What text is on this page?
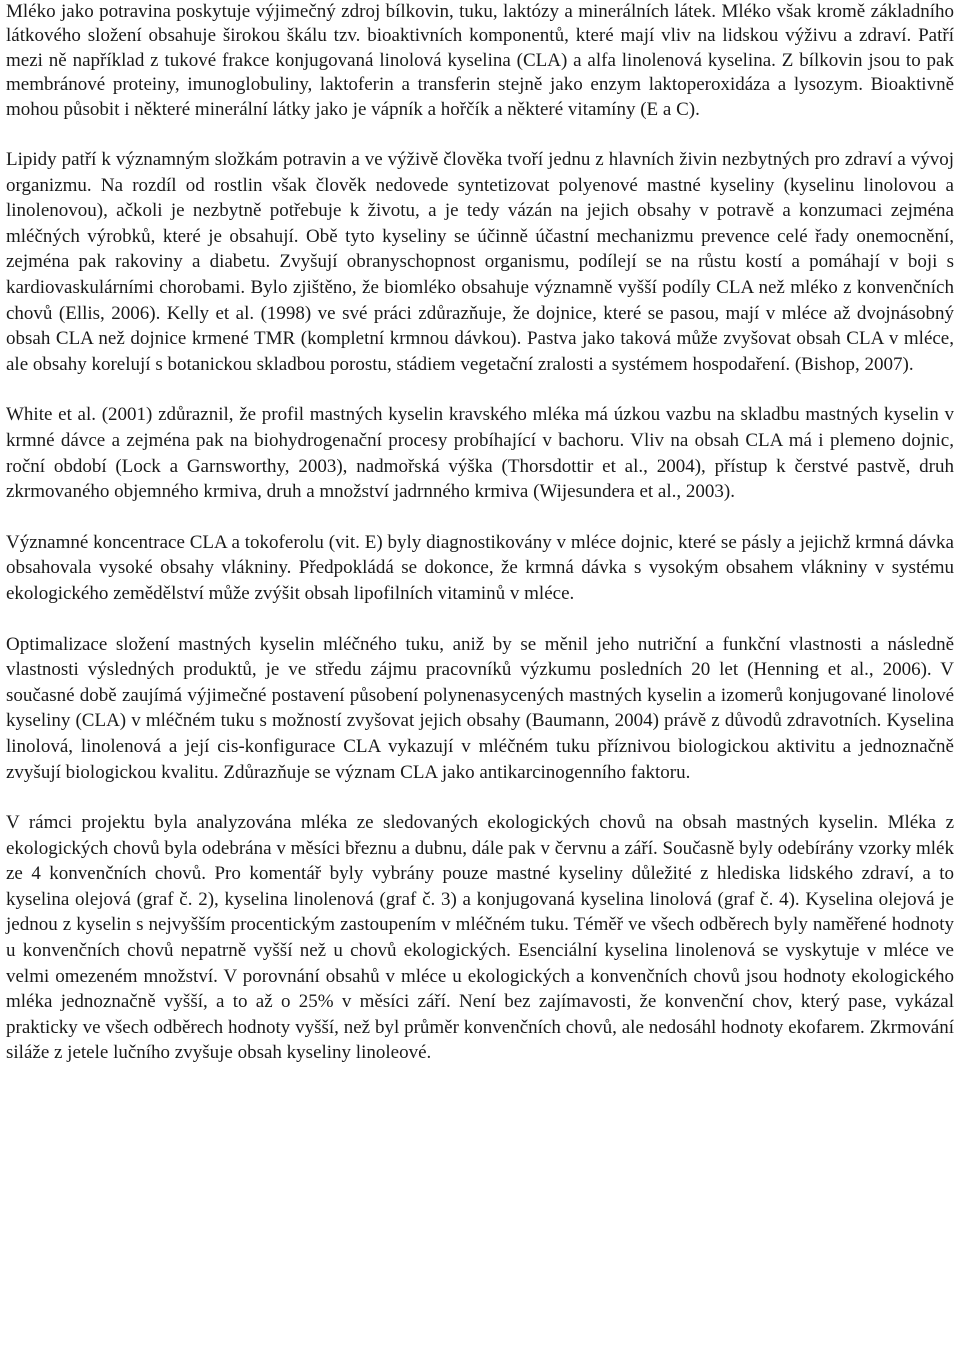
Mléko jako potravina poskytuje výjimečný zdroj bílkovin, tuku, laktózy a minerálních látek. Mléko však kromě základního látkového složení obsahuje širokou škálu tzv. bioaktivních komponentů, které mají vliv na lidskou výživu a zdraví. Patří mezi ně například z tukové frakce konjugovaná linolová kyselina (CLA) a alfa linolenová kyselina. Z bílkovin jsou to pak membránové proteiny, imunoglobuliny, laktoferin a transferin stejně jako enzym laktoperoxidáza a lysozym. Bioaktivně mohou působit i některé minerální látky jako je vápník a hořčík a některé vitamíny (E a C).

Lipidy patří k významným složkám potravin a ve výživě člověka tvoří jednu z hlavních živin nezbytných pro zdraví a vývoj organizmu. Na rozdíl od rostlin však člověk nedovede syntetizovat polyenové mastné kyseliny (kyselinu linolovou a linolenovou), ačkoli je nezbytně potřebuje k životu, a je tedy vázán na jejich obsahy v potravě a konzumaci zejména mléčných výrobků, které je obsahují. Obě tyto kyseliny se účinně účastní mechanizmu prevence celé řady onemocnění, zejména pak rakoviny a diabetu. Zvyšují obranyschopnost organismu, podílejí se na růstu kostí a pomáhají v boji s kardiovaskulárními chorobami. Bylo zjištěno, že biomléko obsahuje významně vyšší podíly CLA než mléko z konvenčních chovů (Ellis, 2006). Kelly et al. (1998) ve své práci zdůrazňuje, že dojnice, které se pasou, mají v mléce až dvojnásobný obsah CLA než dojnice krmené TMR (kompletní krmnou dávkou). Pastva jako taková může zvyšovat obsah CLA v mléce, ale obsahy korelují s botanickou skladbou porostu, stádiem vegetační zralosti a systémem hospodaření. (Bishop, 2007).

White et al. (2001) zdůraznil, že profil mastných kyselin kravského mléka má úzkou vazbu na skladbu mastných kyselin v krmné dávce a zejména pak na biohydrogenační procesy probíhající v bachoru. Vliv na obsah CLA má i plemeno dojnic, roční období (Lock a Garnsworthy, 2003), nadmořská výška (Thorsdottir et al., 2004), přístup k čerstvé pastvě, druh zkrmovaného objemného krmiva, druh a množství jadrnného krmiva (Wijesundera et al., 2003).

Významné koncentrace CLA a tokoferolu (vit. E) byly diagnostikovány v mléce dojnic, které se pásly a jejichž krmná dávka obsahovala vysoké obsahy vlákniny. Předpokládá se dokonce, že krmná dávka s vysokým obsahem vlákniny v systému ekologického zemědělství může zvýšit obsah lipofilních vitaminů v mléce.

Optimalizace složení mastných kyselin mléčného tuku, aniž by se měnil jeho nutriční a funkční vlastnosti a následně vlastnosti výsledných produktů, je ve středu zájmu pracovníků výzkumu posledních 20 let (Henning et al., 2006). V současné době zaujímá výjimečné postavení působení polynenasycených mastných kyselin a izomerů konjugované linolové kyseliny (CLA) v mléčném tuku s možností zvyšovat jejich obsahy (Baumann, 2004) právě z důvodů zdravotních. Kyselina linolová, linolenová a její cis-konfigurace CLA vykazují v mléčném tuku příznivou biologickou aktivitu a jednoznačně zvyšují biologickou kvalitu. Zdůrazňuje se význam CLA jako antikarcinogenního faktoru.

V rámci projektu byla analyzována mléka ze sledovaných ekologických chovů na obsah mastných kyselin. Mléka z ekologických chovů byla odebrána v měsíci březnu a dubnu, dále pak v červnu a září. Současně byly odebírány vzorky mlék ze 4 konvenčních chovů. Pro komentář byly vybrány pouze mastné kyseliny důležité z hlediska lidského zdraví, a to kyselina olejová (graf č. 2), kyselina linolenová (graf č. 3) a konjugovaná kyselina linolová (graf č. 4). Kyselina olejová je jednou z kyselin s nejvyšším procentickým zastoupením v mléčném tuku. Téměř ve všech odběrech byly naměřené hodnoty u konvenčních chovů nepatrně vyšší než u chovů ekologických. Esenciální kyselina linolenová se vyskytuje v mléce ve velmi omezeném množství. V porovnání obsahů v mléce u ekologických a konvenčních chovů jsou hodnoty ekologického mléka jednoznačně vyšší, a to až o 25% v měsíci září. Není bez zajímavosti, že konvenční chov, který pase, vykázal prakticky ve všech odběrech hodnoty vyšší, než byl průměr konvenčních chovů, ale nedosáhl hodnoty ekofarem. Zkrmování siláže z jetele lučního zvyšuje obsah kyseliny linoleové.
